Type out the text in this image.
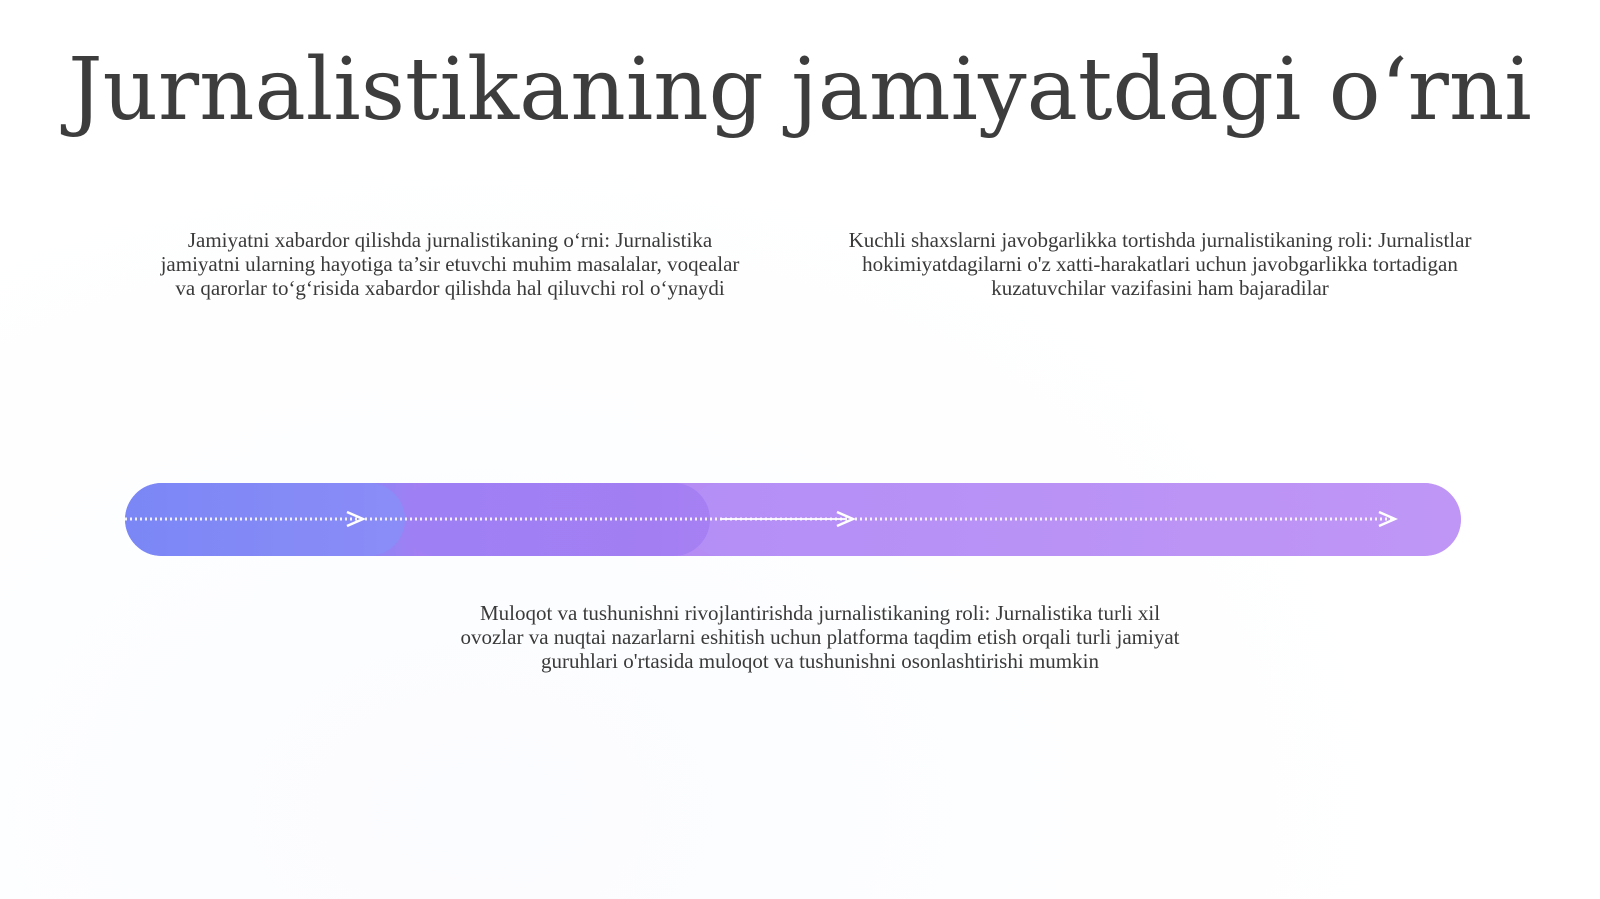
Jurnalistikaning jamiyatdagi o‘rni
Jamiyatni xabardor qilishda jurnalistikaning o‘rni: Jurnalistika jamiyatni ularning hayotiga ta’sir etuvchi muhim masalalar, voqealar va qarorlar to‘g‘risida xabardor qilishda hal qiluvchi rol o‘ynaydi
Kuchli shaxslarni javobgarlikka tortishda jurnalistikaning roli: Jurnalistlar hokimiyatdagilarni o'z xatti-harakatlari uchun javobgarlikka tortadigan kuzatuvchilar vazifasini ham bajaradilar
Muloqot va tushunishni rivojlantirishda jurnalistikaning roli: Jurnalistika turli xil ovozlar va nuqtai nazarlarni eshitish uchun platforma taqdim etish orqali turli jamiyat guruhlari o'rtasida muloqot va tushunishni osonlashtirishi mumkin
